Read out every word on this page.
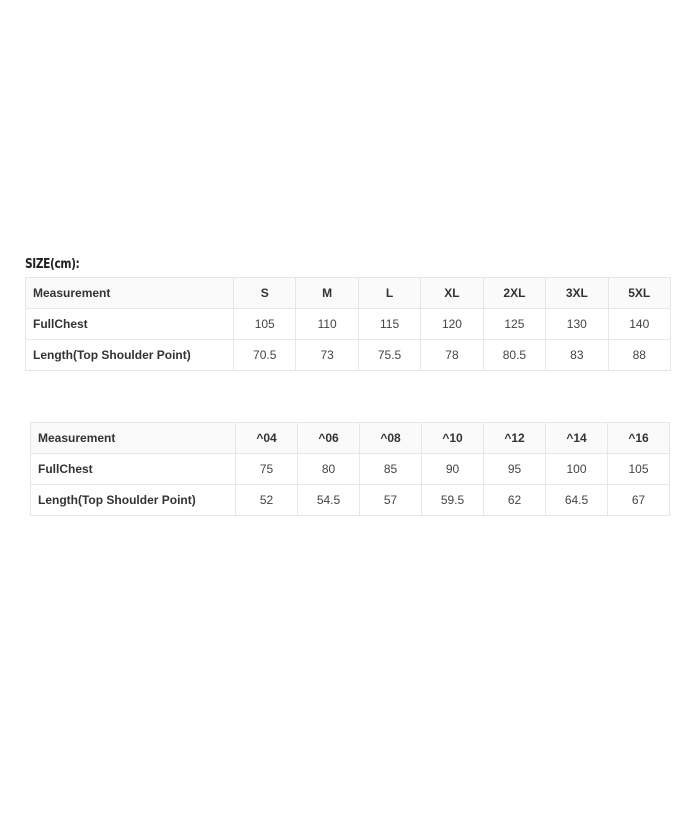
SIZE(cm):
Measurement	S	M	L	XL	2XL	3XL	5XL
FullChest	105	110	115	120	125	130	140
Length(Top Shoulder Point)	70.5	73	75.5	78	80.5	83	88
Measurement	^04	^06	^08	^10	^12	^14	^16
FullChest	75	80	85	90	95	100	105
Length(Top Shoulder Point)	52	54.5	57	59.5	62	64.5	67
